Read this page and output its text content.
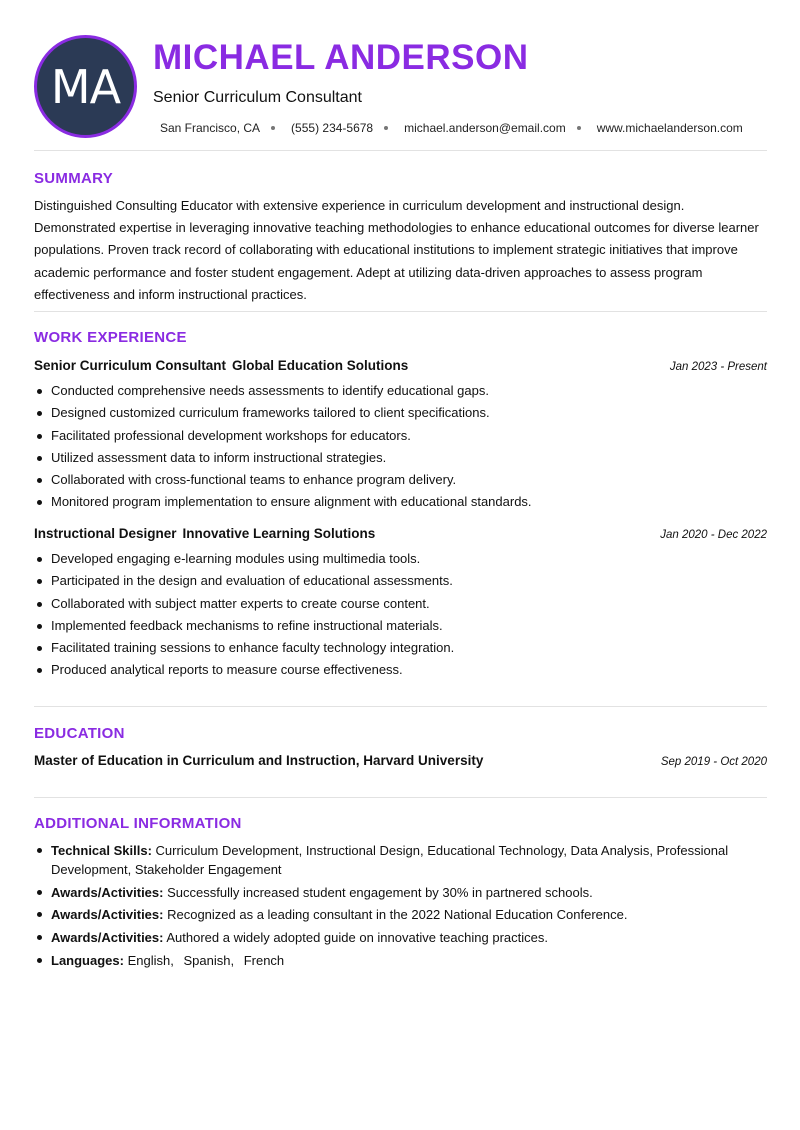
MA
MICHAEL ANDERSON
Senior Curriculum Consultant
San Francisco, CA	(555) 234-5678	michael.anderson@email.com	www.michaelanderson.com
SUMMARY

Distinguished Consulting Educator with extensive experience in curriculum development and instructional design. Demonstrated expertise in leveraging innovative teaching methodologies to enhance educational outcomes for diverse learner populations. Proven track record of collaborating with educational institutions to implement strategic initiatives that improve academic performance and foster student engagement. Adept at utilizing data-driven approaches to assess program effectiveness and inform instructional practices.

WORK EXPERIENCE
Senior Curriculum Consultant Global Education Solutions	Jan 2023 - Present
Conducted comprehensive needs assessments to identify educational gaps.
Designed customized curriculum frameworks tailored to client specifications.
Facilitated professional development workshops for educators.
Utilized assessment data to inform instructional strategies.
Collaborated with cross-functional teams to enhance program delivery.
Monitored program implementation to ensure alignment with educational standards.
Instructional Designer Innovative Learning Solutions	Jan 2020 - Dec 2022
Developed engaging e-learning modules using multimedia tools.
Participated in the design and evaluation of educational assessments.
Collaborated with subject matter experts to create course content.
Implemented feedback mechanisms to refine instructional materials.
Facilitated training sessions to enhance faculty technology integration.
Produced analytical reports to measure course effectiveness.
EDUCATION
Master of Education in Curriculum and Instruction, Harvard University	Sep 2019 - Oct 2020
ADDITIONAL INFORMATION
Technical Skills: Curriculum Development, Instructional Design, Educational Technology, Data Analysis, Professional Development, Stakeholder Engagement
Awards/Activities: Successfully increased student engagement by 30% in partnered schools.
Awards/Activities: Recognized as a leading consultant in the 2022 National Education Conference.
Awards/Activities: Authored a widely adopted guide on innovative teaching practices.
Languages: English, Spanish, French
